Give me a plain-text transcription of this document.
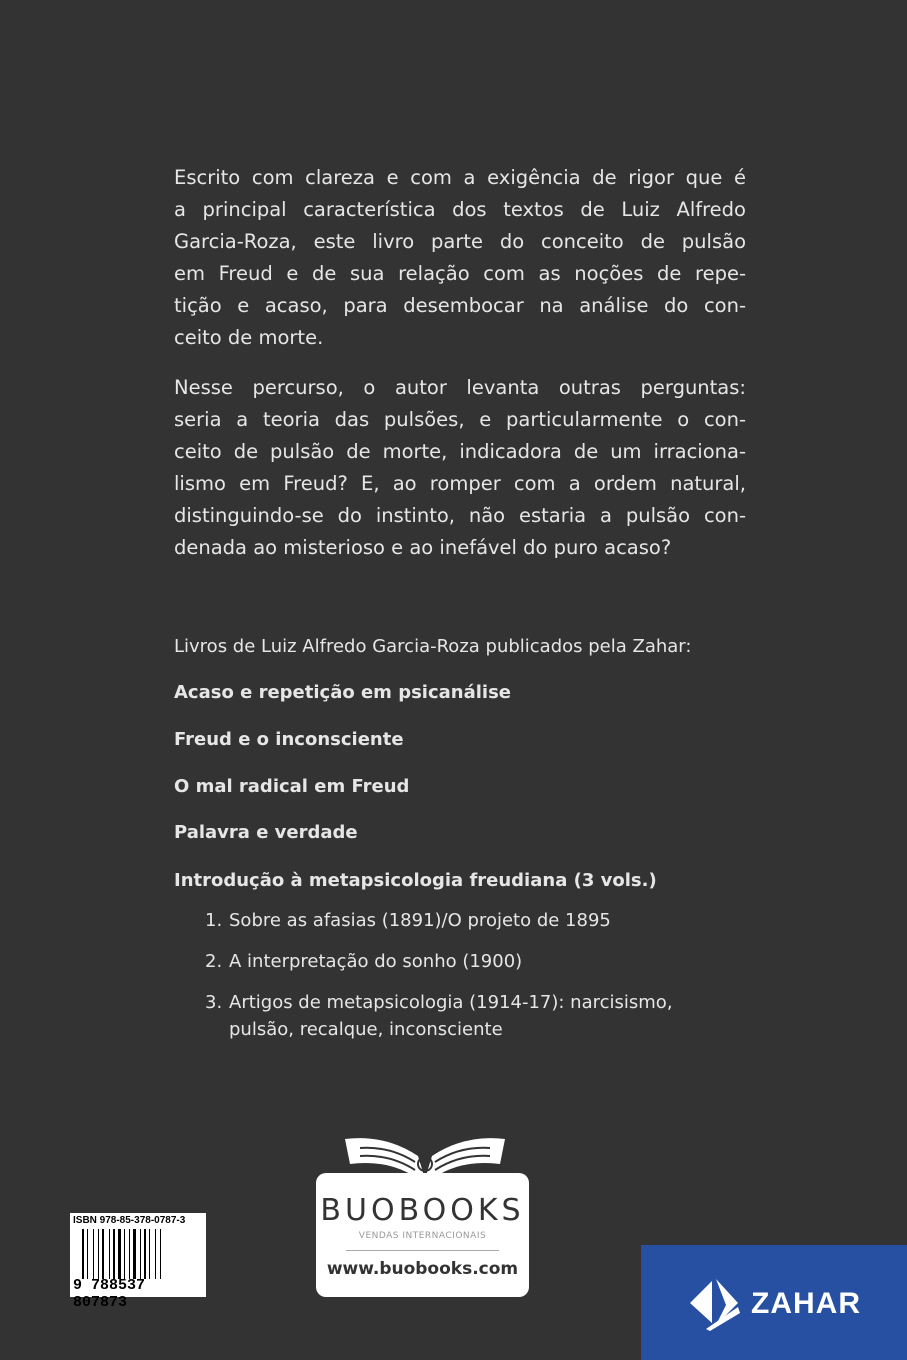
Escrito com clareza e com a exigência de rigor que é
a principal característica dos textos de Luiz Alfredo
Garcia-Roza, este livro parte do conceito de pulsão
em Freud e de sua relação com as noções de repe-
tição e acaso, para desembocar na análise do con-
ceito de morte.
Nesse percurso, o autor levanta outras perguntas:
seria a teoria das pulsões, e particularmente o con-
ceito de pulsão de morte, indicadora de um irraciona-
lismo em Freud? E, ao romper com a ordem natural,
distinguindo-se do instinto, não estaria a pulsão con-
denada ao misterioso e ao inefável do puro acaso?
Livros de Luiz Alfredo Garcia-Roza publicados pela Zahar:
Acaso e repetição em psicanálise
Freud e o inconsciente
O mal radical em Freud
Palavra e verdade
Introdução à metapsicologia freudiana (3 vols.)
1. Sobre as afasias (1891)/O projeto de 1895
2. A interpretação do sonho (1900)
3. Artigos de metapsicologia (1914-17): narcisismo,
pulsão, recalque, inconsciente
ISBN 978-85-378-0787-3
9 788537 807873
BUOBOOKS
VENDAS INTERNACIONAIS
www.buobooks.com
ZAHAR
